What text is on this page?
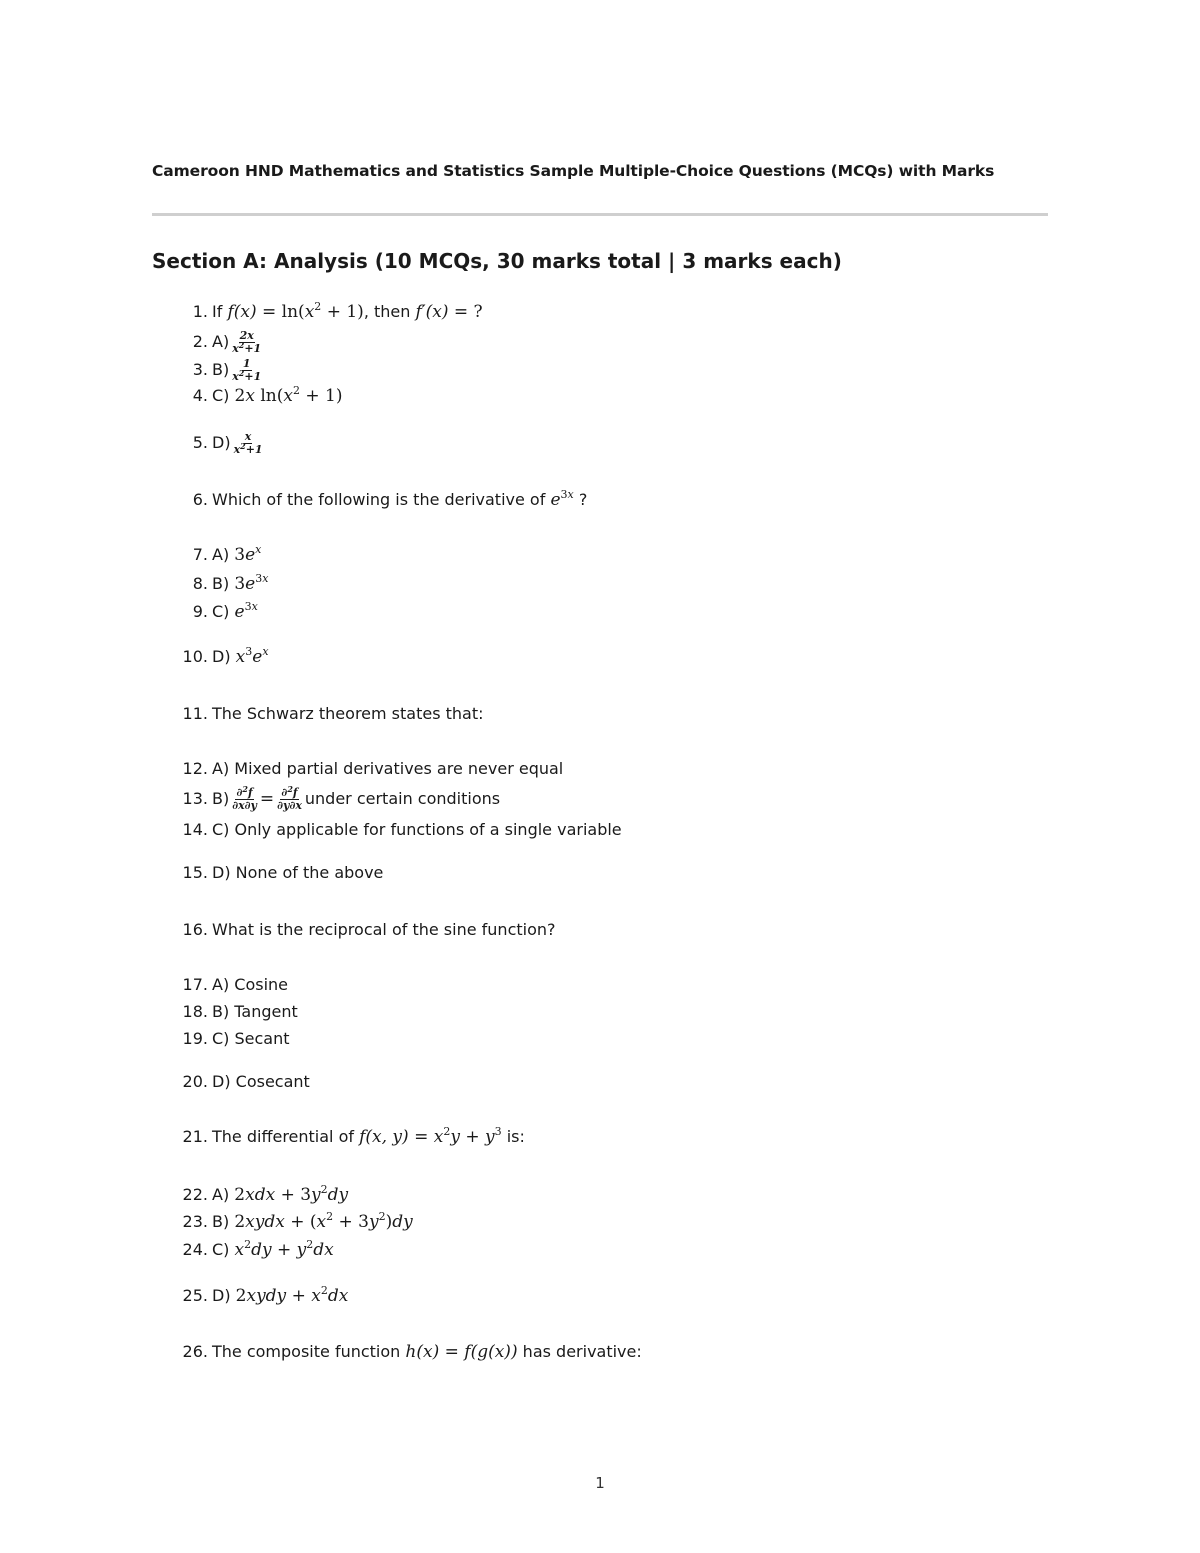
Cameroon HND Mathematics and Statistics Sample Multiple-Choice Questions (MCQs) with Marks
Section A: Analysis (10 MCQs, 30 marks total | 3 marks each)
1. If
$f(x) = \ln(x^2 + 1)$ , then
f′(x) = ?
2. $A) \frac{2x}{x^2+1}$
3. $B) \frac{1}{x^2+1}$
4. C)
2x $\ln(x^2 + 1)$
5. $D) \frac{x}{x^2+1}$
6. Which of the following is the derivative of
$e^{3x}$
?
7. A)
$3e^x$
8. B)
$3e^{3x}$
9. C)
$e^{3x}$
10. D)
$x^3e^x$
11. The Schwarz theorem states that:
12. A) Mixed partial derivatives are never equal
13. $B) \frac{\partial^2f}{\partial x\partial y} = \frac{\partial^2f}{\partial y\partial x}$ under certain conditions
14. C) Only applicable for functions of a single variable
15. D) None of the above
16. What is the reciprocal of the sine function?
17. A) Cosine
18. B) Tangent
19. C) Secant
20. D) Cosecant
21. The differential of
f(x, $y) = x^2y + y^3$
is:
22. A)
$2xdx + 3y^2dy$
23. B)
2xydx + $(x^2 + 3y^2)dy$
24. C)
$x^2dy + y^2dx$
25. D)
2xydy + $x^2dx$
26. The composite function
h(x) = f(g(x))
has derivative:
1
